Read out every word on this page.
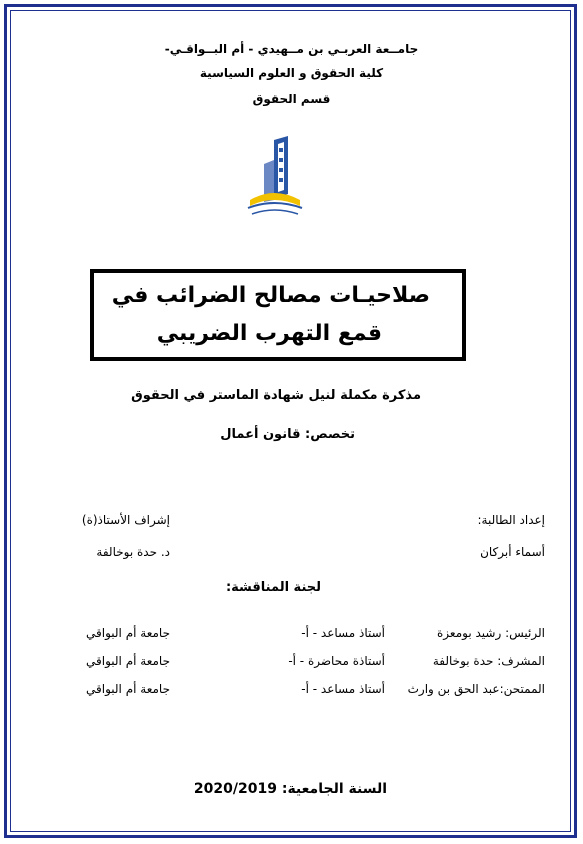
جامــعة العربـي بن مــهيدي - أم البــواقـي-
كلية الحقوق و العلوم السياسية
قسم الحقوق
صلاحيـات مصالح الضرائب في
قمع التهرب الضريبي
مذكرة مكملة لنيل شهادة الماستر في الحقوق
تخصص: قانون أعمال
إعداد الطالبة:
أسماء أبركان
إشراف الأستاذ(ة)
د. حدة بوخالفة
لجنة المناقشة:
الرئيس: رشيد بومعزة
أستاذ مساعد - أ-
جامعة أم البواقي
المشرف: حدة بوخالفة
أستاذة محاضرة - أ-
جامعة أم البواقي
الممتحن:عبد الحق بن وارث
أستاذ مساعد - أ-
جامعة أم البواقي
السنة الجامعية: 2020/2019
